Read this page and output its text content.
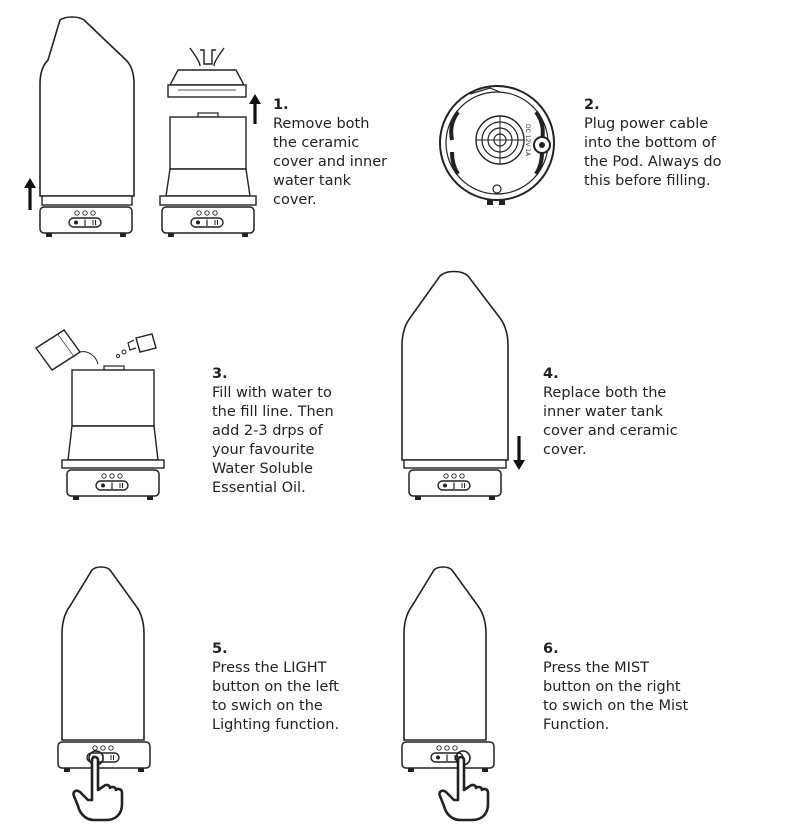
DC 12V 1A
1.
Remove both
the ceramic
cover and inner
water tank
cover.
2.
Plug power cable
into the bottom of
the Pod. Always do
this before filling.
3.
Fill with water to
the fill line. Then
add 2-3 drps of
your favourite
Water Soluble
Essential Oil.
4.
Replace both the
inner water tank
cover and ceramic
cover.
5.
Press the LIGHT
button on the left
to swich on the
Lighting function.
6.
Press the MIST
button on the right
to swich on the Mist
Function.
